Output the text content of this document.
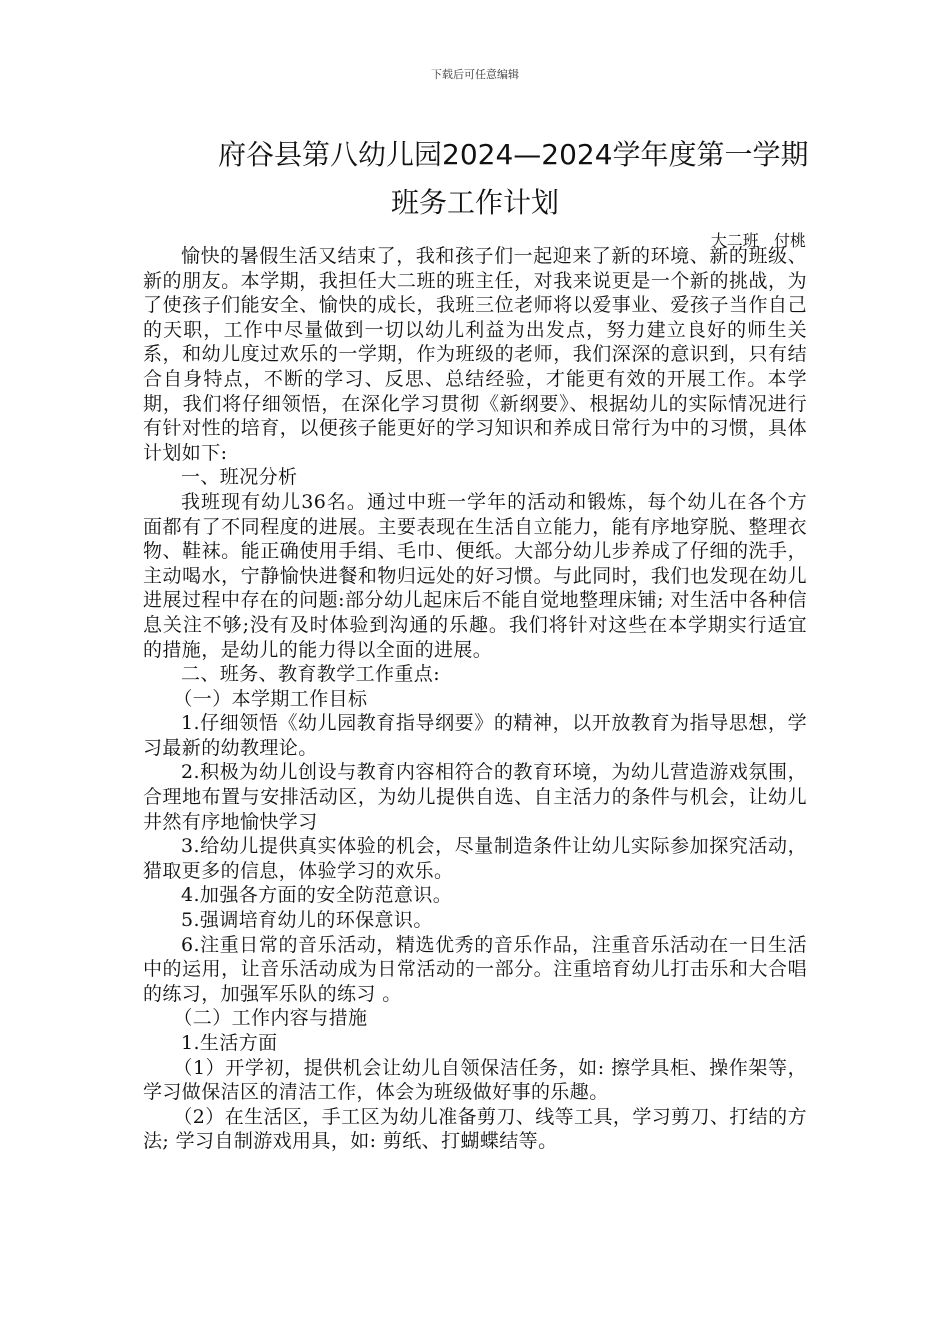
下载后可任意编辑
府谷县第八幼儿园2024—2024学年度第一学期
班务工作计划
大二班   付桃

愉快的暑假生活又结束了，我和孩子们一起迎来了新的环境、新的班级、新的朋友。本学期，我担任大二班的班主任，对我来说更是一个新的挑战，为了使孩子们能安全、愉快的成长，我班三位老师将以爱事业、爱孩子当作自己的天职，工作中尽量做到一切以幼儿利益为出发点，努力建立良好的师生关系，和幼儿度过欢乐的一学期，作为班级的老师，我们深深的意识到，只有结合自身特点，不断的学习、反思、总结经验，才能更有效的开展工作。本学期，我们将仔细领悟，在深化学习贯彻《新纲要》、根据幼儿的实际情况进行有针对性的培育，以便孩子能更好的学习知识和养成日常行为中的习惯，具体计划如下:

一、班况分析

我班现有幼儿36名。通过中班一学年的活动和锻炼，每个幼儿在各个方面都有了不同程度的进展。主要表现在生活自立能力，能有序地穿脱、整理衣物、鞋袜。能正确使用手绢、毛巾、便纸。大部分幼儿步养成了仔细的洗手，主动喝水，宁静愉快进餐和物归远处的好习惯。与此同时，我们也发现在幼儿进展过程中存在的问题:部分幼儿起床后不能自觉地整理床铺; 对生活中各种信息关注不够;没有及时体验到沟通的乐趣。我们将针对这些在本学期实行适宜的措施，是幼儿的能力得以全面的进展。

二、班务、教育教学工作重点:

（一）本学期工作目标

1.仔细领悟《幼儿园教育指导纲要》的精神，以开放教育为指导思想，学习最新的幼教理论。

2.积极为幼儿创设与教育内容相符合的教育环境，为幼儿营造游戏氛围，合理地布置与安排活动区，为幼儿提供自选、自主活力的条件与机会，让幼儿井然有序地愉快学习

3.给幼儿提供真实体验的机会，尽量制造条件让幼儿实际参加探究活动，猎取更多的信息，体验学习的欢乐。

4.加强各方面的安全防范意识。

5.强调培育幼儿的环保意识。

6.注重日常的音乐活动，精选优秀的音乐作品，注重音乐活动在一日生活中的运用，让音乐活动成为日常活动的一部分。注重培育幼儿打击乐和大合唱的练习，加强军乐队的练习 。

（二）工作内容与措施

1.生活方面

（1）开学初，提供机会让幼儿自领保洁任务，如: 擦学具柜、操作架等，学习做保洁区的清洁工作，体会为班级做好事的乐趣。

（2）在生活区，手工区为幼儿准备剪刀、线等工具，学习剪刀、打结的方法; 学习自制游戏用具，如: 剪纸、打蝴蝶结等。
